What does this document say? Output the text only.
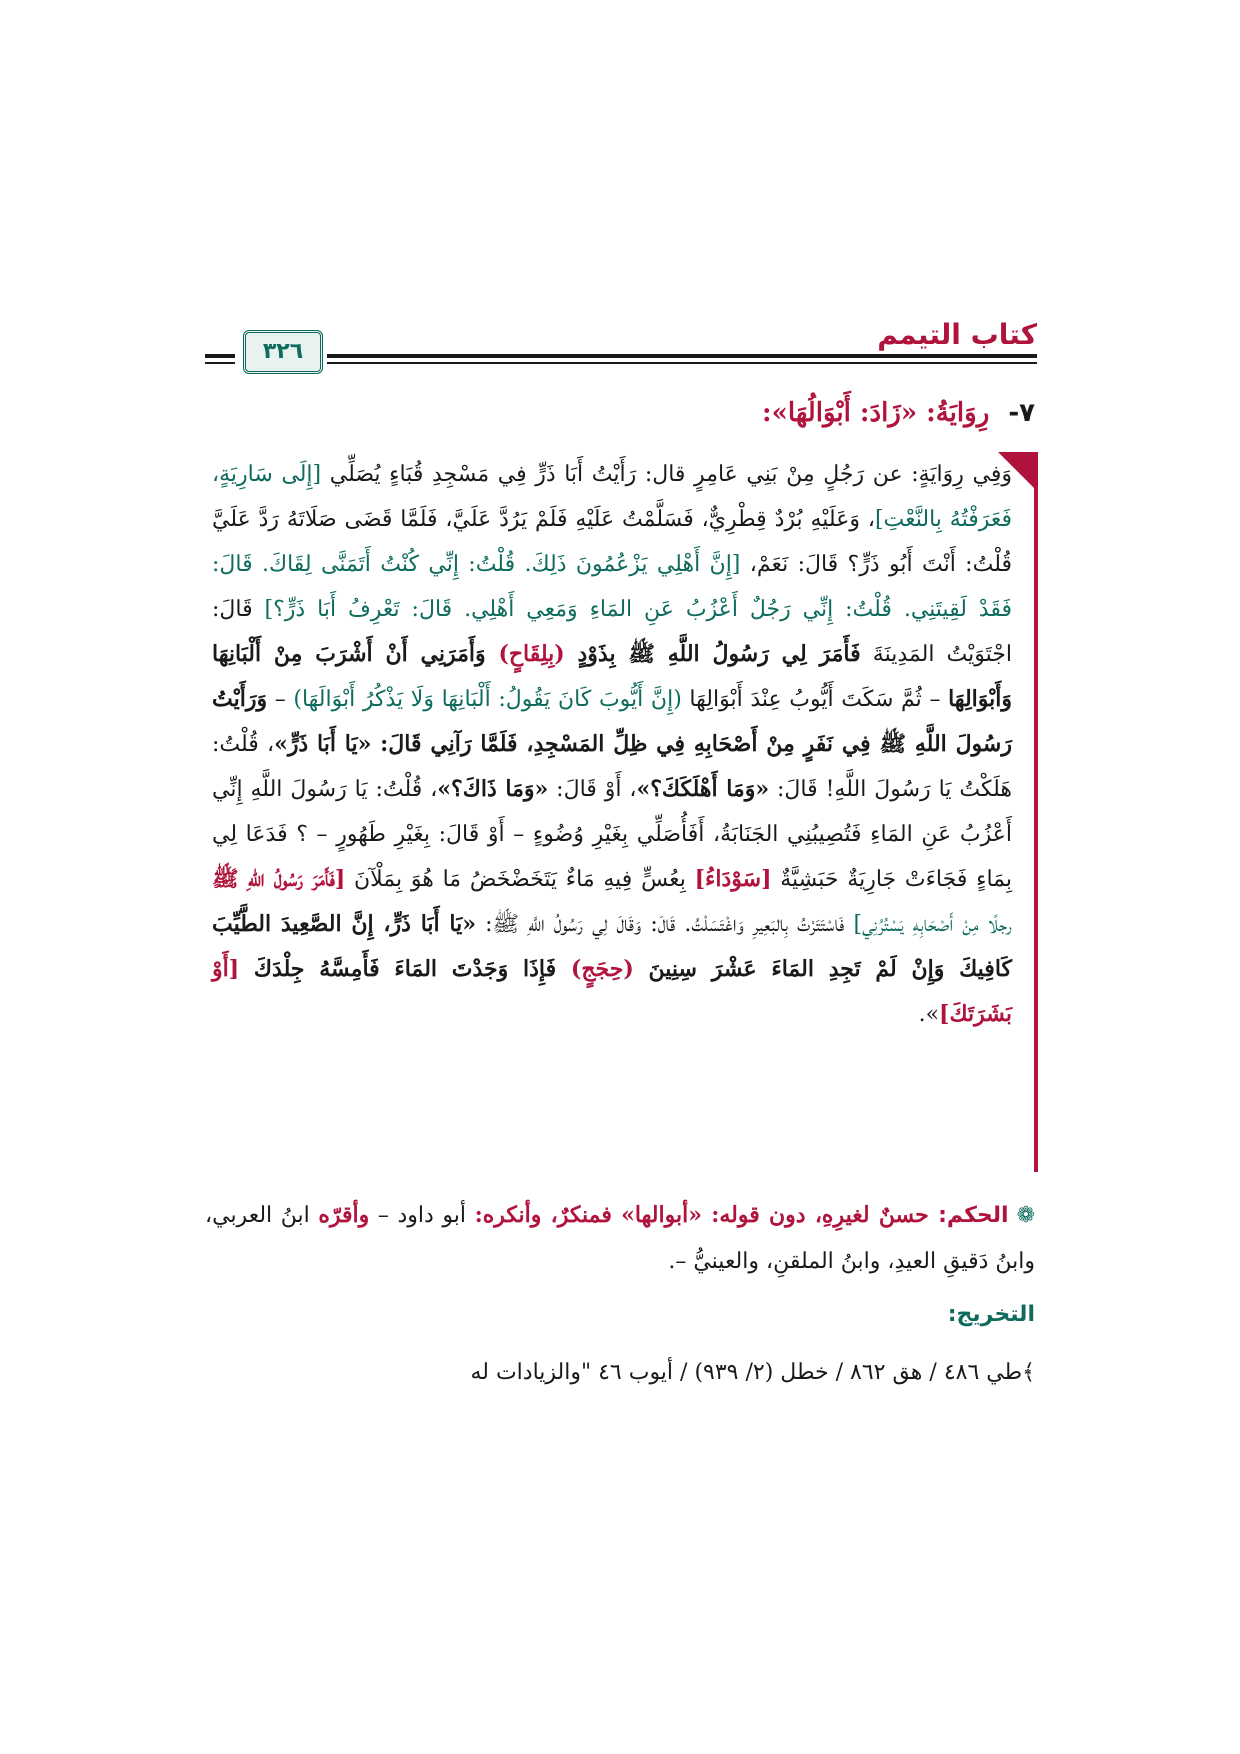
كتاب التيمم
٣٢٦
٧- رِوَايَةُ: «زَادَ: أَبْوَالُهَا»:
وَفِي رِوَايَةٍ: عن رَجُلٍ مِنْ بَنِي عَامِرٍ قال: رَأَيْتُ أَبَا ذَرٍّ فِي مَسْجِدِ قُبَاءٍ يُصَلِّي [إِلَى سَارِيَةٍ، فَعَرَفْتُهُ بِالنَّعْتِ]، وَعَلَيْهِ بُرْدٌ قِطْرِيٌّ، فَسَلَّمْتُ عَلَيْهِ فَلَمْ يَرُدَّ عَلَيَّ، فَلَمَّا قَضَى صَلَاتَهُ رَدَّ عَلَيَّ قُلْتُ: أَنْتَ أَبُو ذَرٍّ؟ قَالَ: نَعَمْ، [إِنَّ أَهْلِي يَزْعُمُونَ ذَلِكَ. قُلْتُ: إِنِّي كُنْتُ أَتَمَنَّى لِقَاكَ. قَالَ: فَقَدْ لَقِيتَنِي. قُلْتُ: إِنِّي رَجُلٌ أَعْزُبُ عَنِ المَاءِ وَمَعِي أَهْلِي. قَالَ: تَعْرِفُ أَبَا ذَرٍّ؟] قَالَ: اجْتَوَيْتُ المَدِينَةَ فَأَمَرَ لِي رَسُولُ اللَّهِ ﷺ بِذَوْدٍ (بِلِقَاحٍ) وَأَمَرَنِي أَنْ أَشْرَبَ مِنْ أَلْبَانِهَا وَأَبْوَالِهَا – ثُمَّ سَكَتَ أَيُّوبُ عِنْدَ أَبْوَالِهَا (إِنَّ أَيُّوبَ كَانَ يَقُولُ: أَلْبَانِهَا وَلَا يَذْكُرُ أَبْوَالَهَا) – وَرَأَيْتُ رَسُولَ اللَّهِ ﷺ فِي نَفَرٍ مِنْ أَصْحَابِهِ فِي ظِلِّ المَسْجِدِ، فَلَمَّا رَآنِي قَالَ: «يَا أَبَا ذَرٍّ»، قُلْتُ: هَلَكْتُ يَا رَسُولَ اللَّهِ! قَالَ: «وَمَا أَهْلَكَكَ؟»، أَوْ قَالَ: «وَمَا ذَاكَ؟»، قُلْتُ: يَا رَسُولَ اللَّهِ إِنِّي أَعْزُبُ عَنِ المَاءِ فَتُصِيبُنِي الجَنَابَةُ، أَفَأُصَلِّي بِغَيْرِ وُضُوءٍ – أَوْ قَالَ: بِغَيْرِ طَهُورٍ – ؟ فَدَعَا لِي بِمَاءٍ فَجَاءَتْ جَارِيَةٌ حَبَشِيَّةٌ [سَوْدَاءُ] بِعُسٍّ فِيهِ مَاءٌ يَتَخَضْخَضُ مَا هُوَ بِمَلْآنَ [فَأَمَرَ رَسُولُ اللهِ ﷺ رجلًا مِنْ أَصْحَابِهِ يَسْتُرُنِي] فَاسْتَتَرْتُ بِالبَعِيرِ وَاغْتَسَلْتُ. قَالَ: وَقَالَ لِي رَسُولُ اللَّهِ ﷺ: «يَا أَبَا ذَرٍّ، إِنَّ الصَّعِيدَ الطَّيِّبَ كَافِيكَ وَإِنْ لَمْ تَجِدِ المَاءَ عَشْرَ سِنِينَ (حِجَجٍ) فَإِذَا وَجَدْتَ المَاءَ فَأَمِسَّهُ جِلْدَكَ [أَوْ بَشَرَتَكَ]».
❁الحكم: حسنٌ لغيرِهِ، دون قوله: «أبوالها» فمنكرٌ، وأنكره: أبو داود – وأقرّه ابنُ العربي، وابنُ دَقيقِ العيدِ، وابنُ الملقنِ، والعينيُّ –.
التخريج:
﴾طي ٤٨٦ / هق ٨٦٢ / خطل (٢/ ٩٣٩) / أيوب ٤٦ "والزيادات له
